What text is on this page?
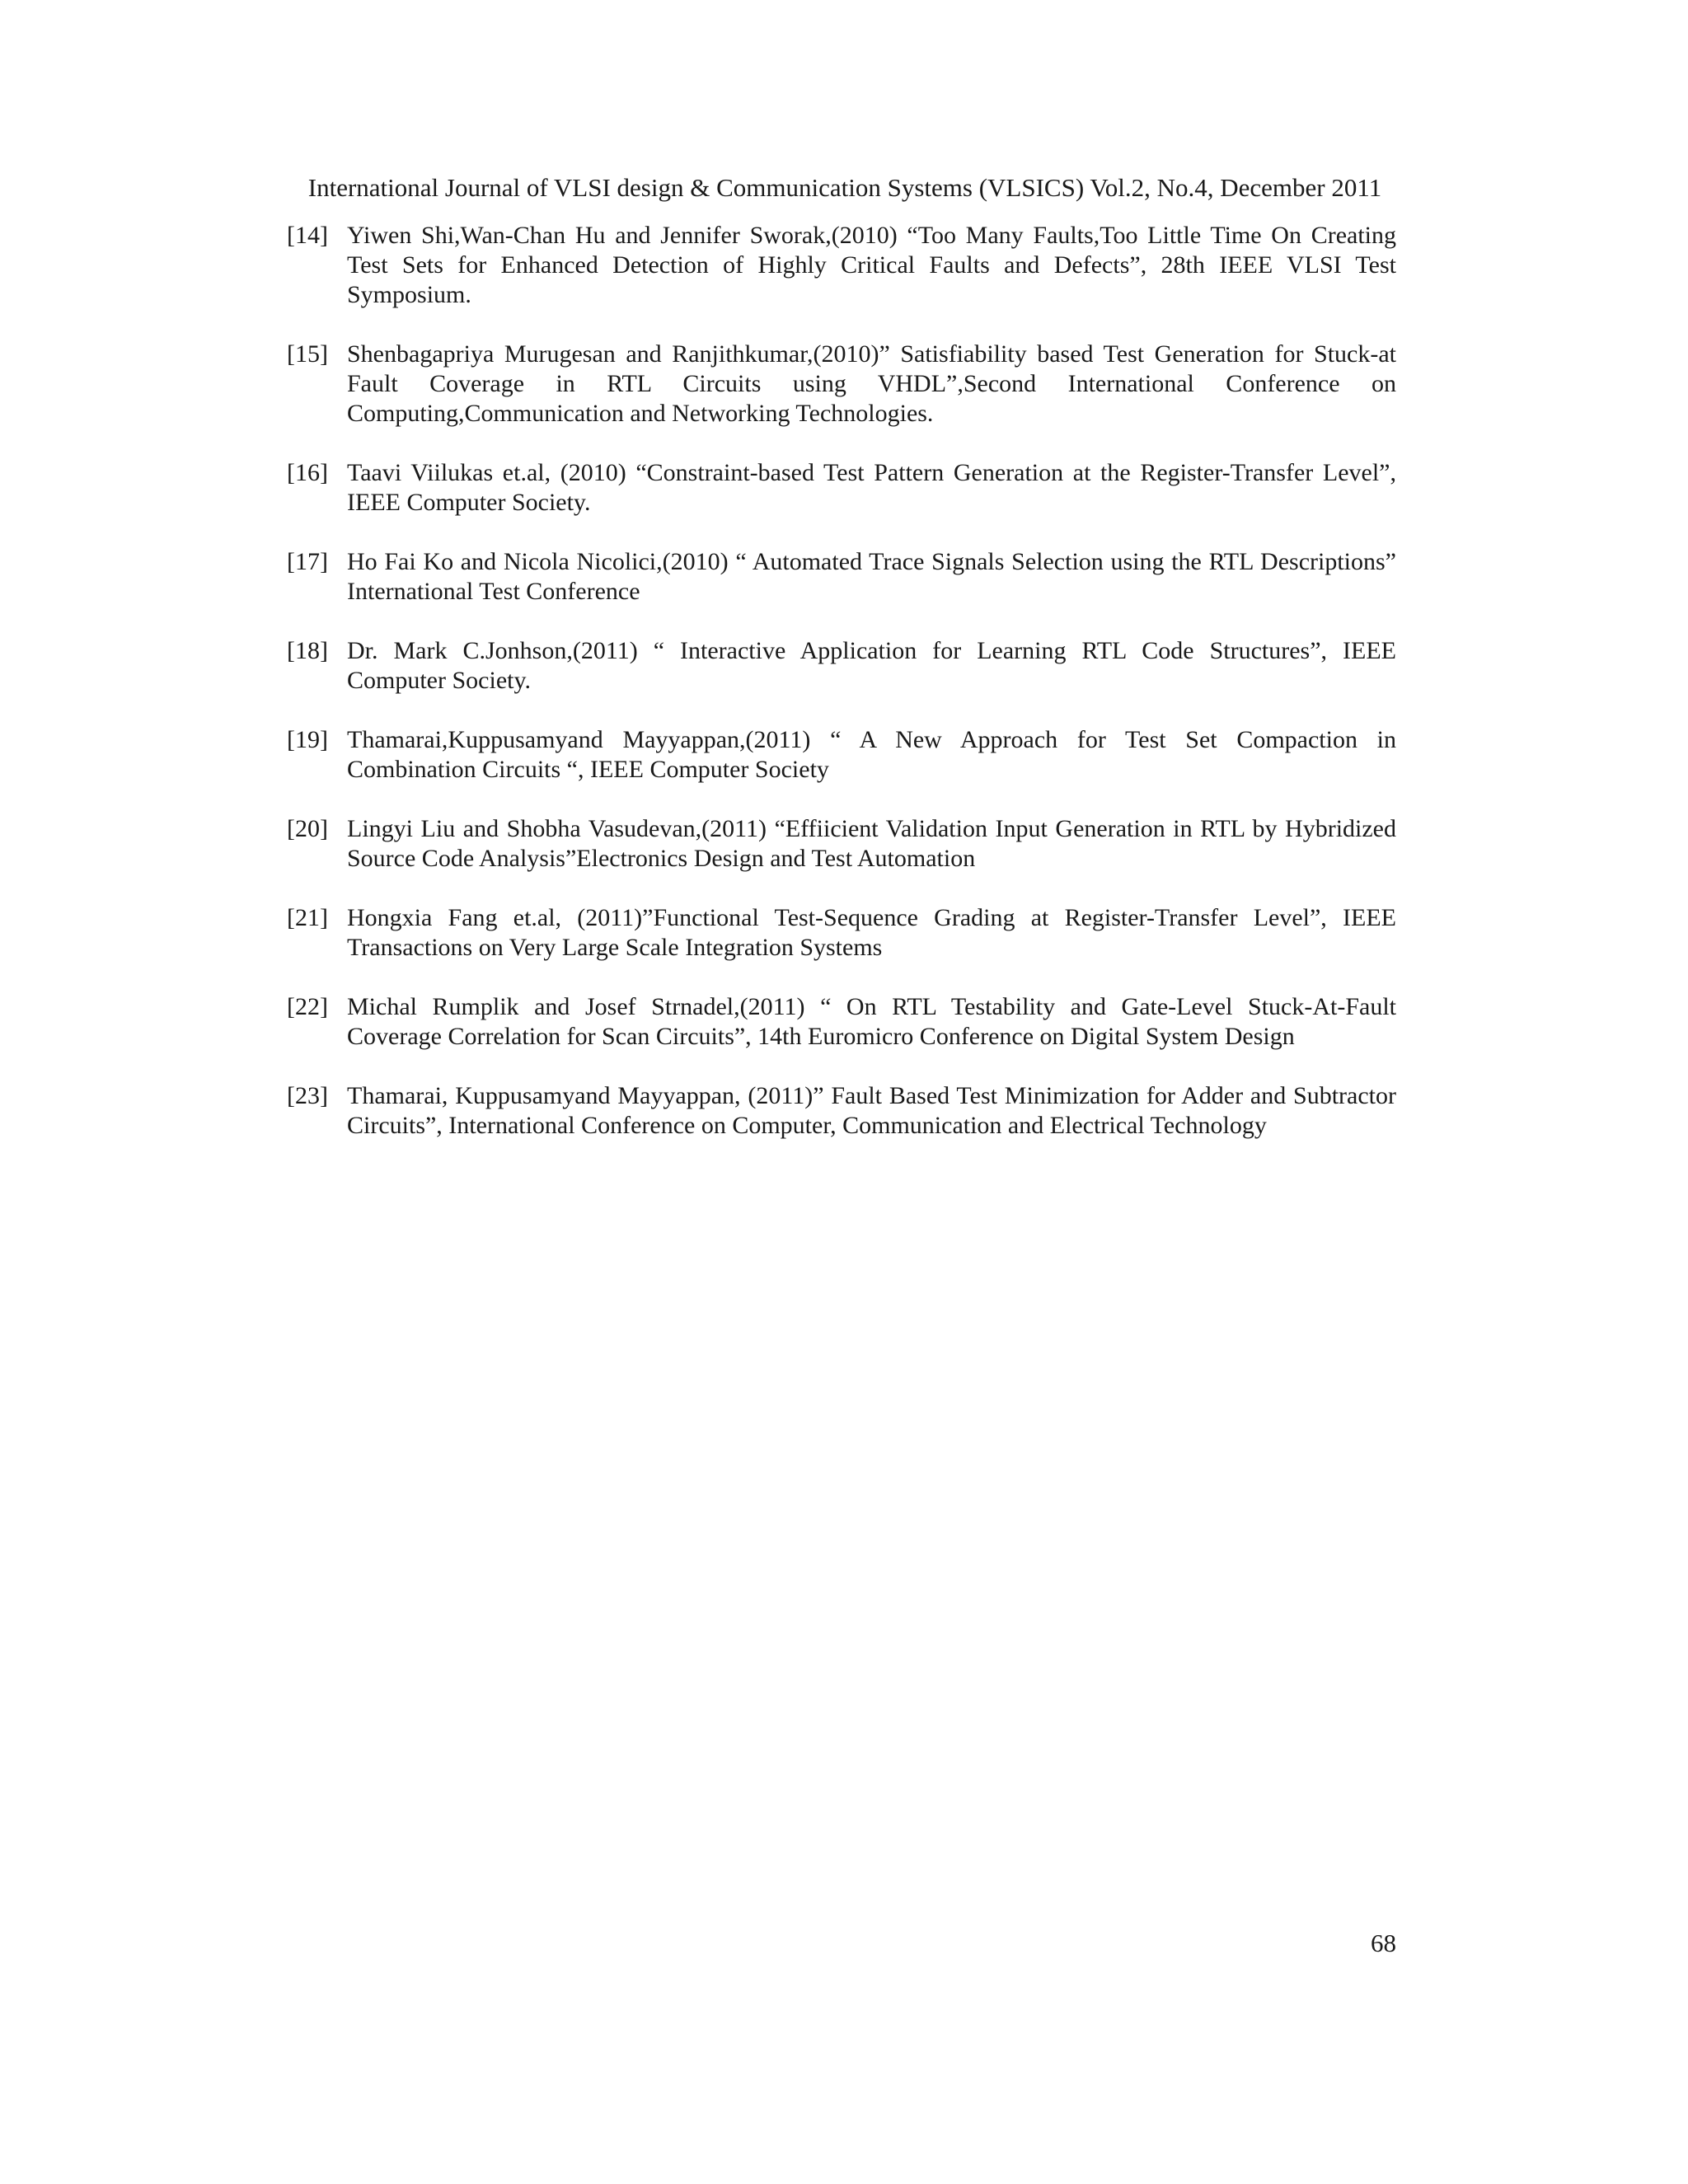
International Journal of VLSI design & Communication Systems (VLSICS) Vol.2, No.4, December 2011
[14] Yiwen Shi,Wan-Chan Hu and Jennifer Sworak,(2010) “Too Many Faults,Too Little Time On Creating Test Sets for Enhanced Detection of Highly Critical Faults and Defects”, 28th IEEE VLSI Test Symposium.
[15] Shenbagapriya Murugesan and Ranjithkumar,(2010)” Satisfiability based Test Generation for Stuck-at Fault Coverage in RTL Circuits using VHDL”,Second International Conference on Computing,Communication and Networking Technologies.
[16] Taavi Viilukas et.al, (2010) “Constraint-based Test Pattern Generation at the Register-Transfer Level”, IEEE Computer Society.
[17] Ho Fai Ko and Nicola Nicolici,(2010) “ Automated Trace Signals Selection using the RTL Descriptions” International Test Conference
[18] Dr. Mark C.Jonhson,(2011) “ Interactive Application for Learning RTL Code Structures”, IEEE Computer Society.
[19] Thamarai,Kuppusamyand Mayyappan,(2011) “ A New Approach for Test Set Compaction in Combination Circuits “, IEEE Computer Society
[20] Lingyi Liu and Shobha Vasudevan,(2011) “Effiicient Validation Input Generation in RTL by Hybridized Source Code Analysis”Electronics Design and Test Automation
[21] Hongxia Fang et.al, (2011)”Functional Test-Sequence Grading at Register-Transfer Level”, IEEE Transactions on Very Large Scale Integration Systems
[22] Michal Rumplik and Josef Strnadel,(2011) “ On RTL Testability and Gate-Level Stuck-At-Fault Coverage Correlation for Scan Circuits”, 14th Euromicro Conference on Digital System Design
[23] Thamarai, Kuppusamyand Mayyappan, (2011)” Fault Based Test Minimization for Adder and Subtractor Circuits”, International Conference on Computer, Communication and Electrical Technology
68
